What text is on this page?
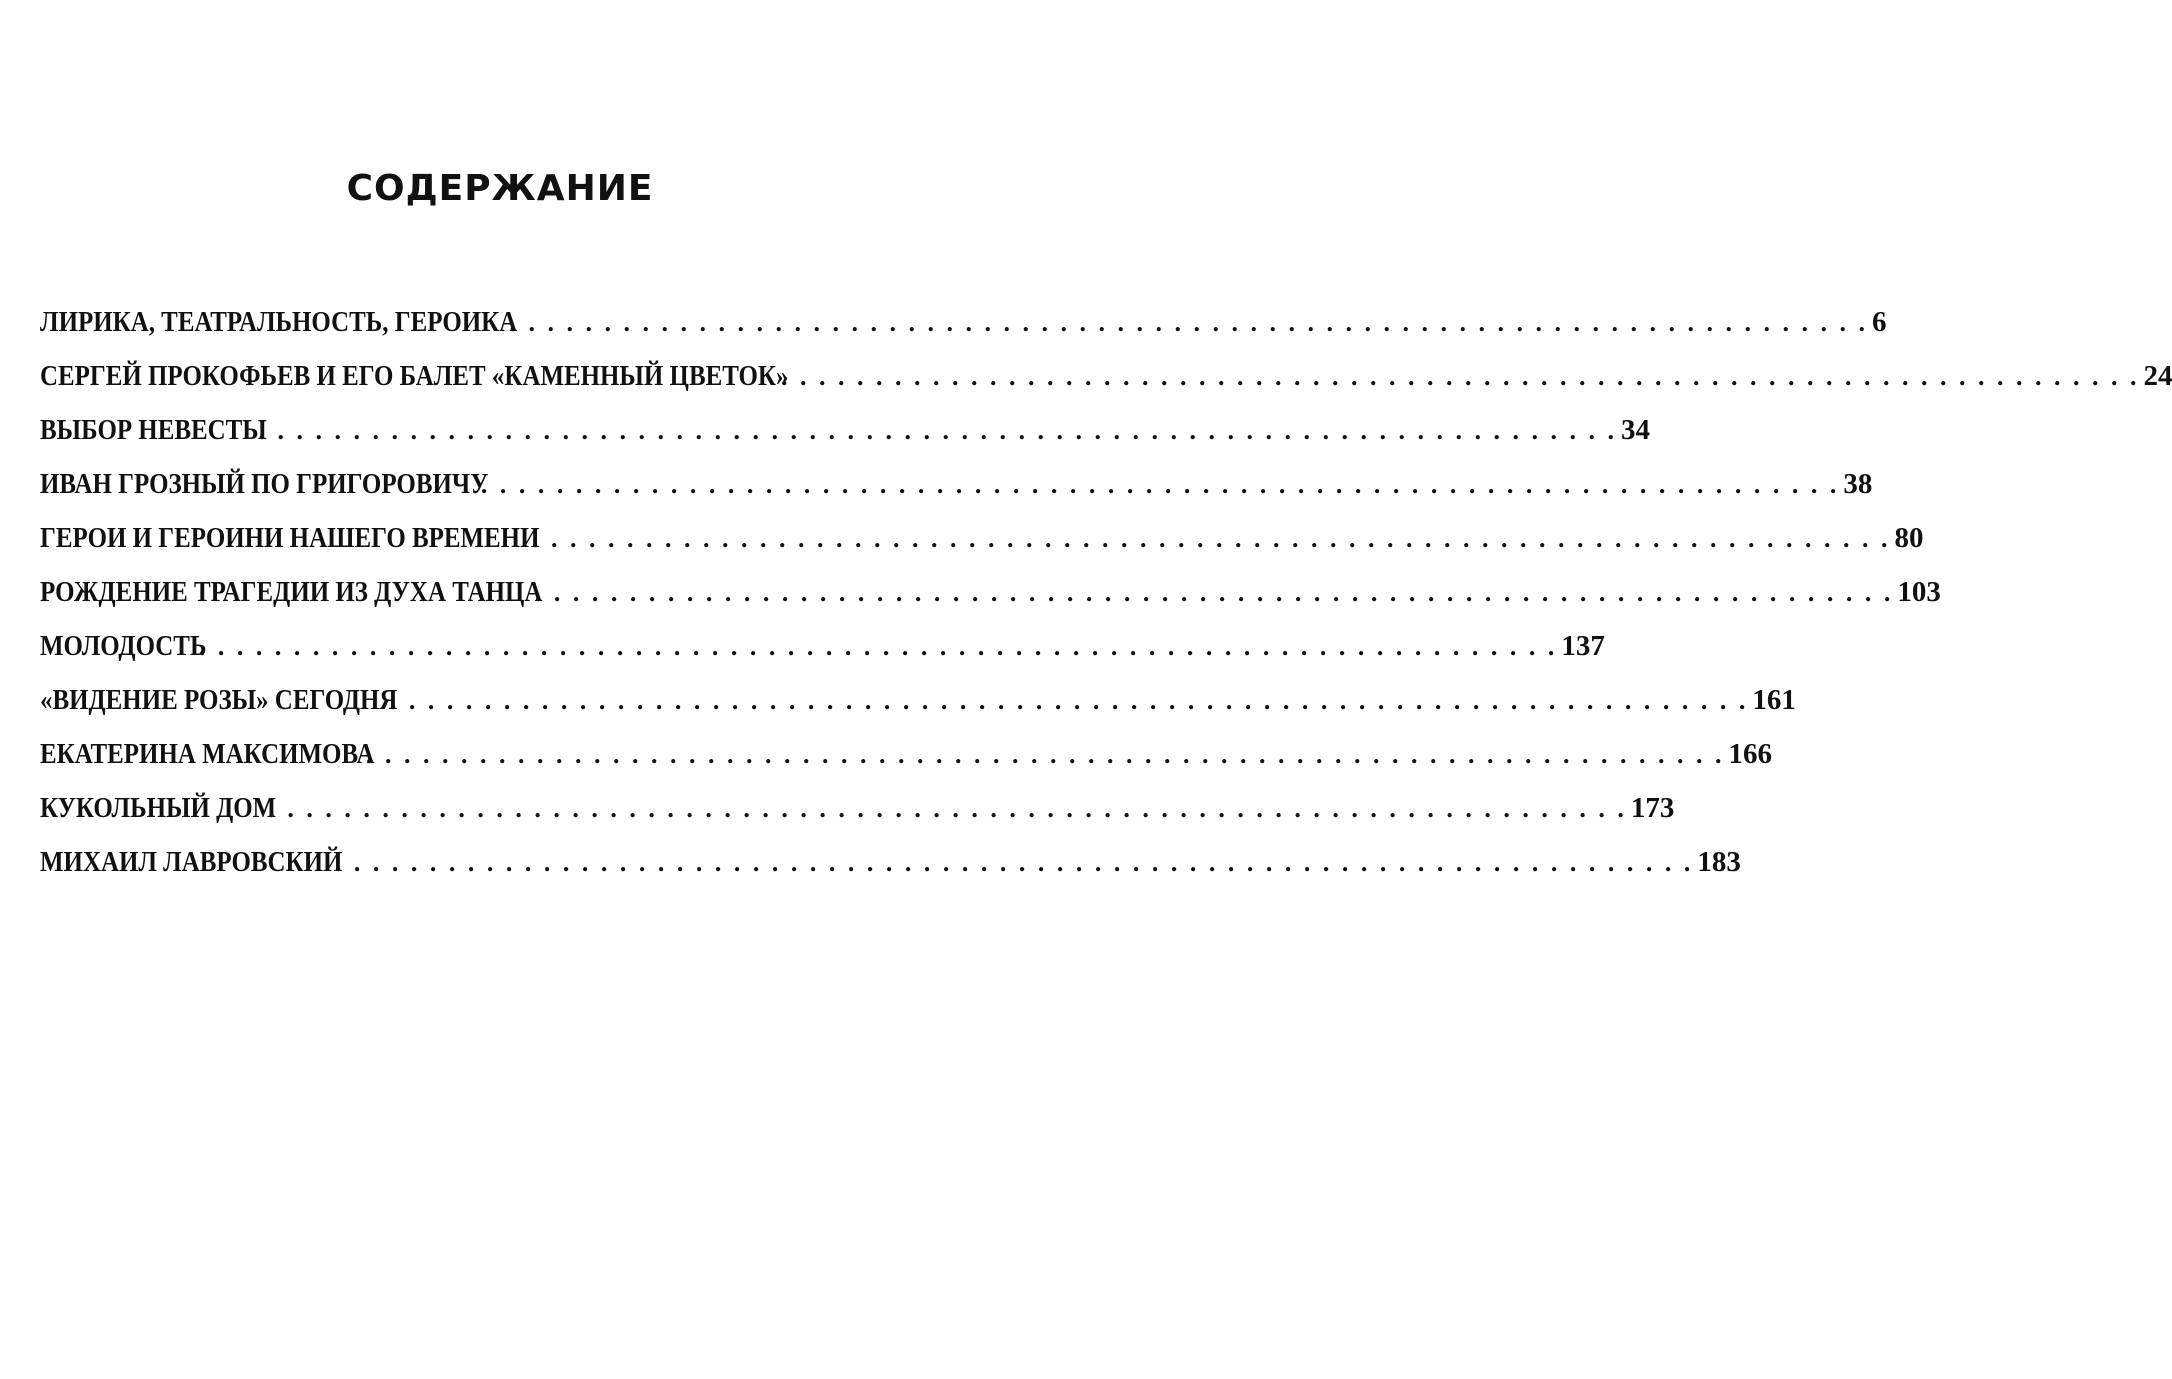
СОДЕРЖАНИЕ
ЛИРИКА, ТЕАТРАЛЬНОСТЬ, ГЕРОИКА
. . . . . . . . . . . . . . . . . . . . . . . . . . . . . . . . . . . . . . . . . . . . . . . . . . . . . . . . . . . . . . . . . . . . . . . . 6
СЕРГЕЙ ПРОКОФЬЕВ И ЕГО БАЛЕТ «КАМЕННЫЙ ЦВЕТОК»
. . . . . . . . . . . . . . . . . . . . . . . . . . . . . . . . . . . . . . . . . . . . . . . . . . . . . . . . . . . . . . . . . . . . . . . . 24
ВЫБОР НЕВЕСТЫ
. . . . . . . . . . . . . . . . . . . . . . . . . . . . . . . . . . . . . . . . . . . . . . . . . . . . . . . . . . . . . . . . . . . . . . . . 34
ИВАН ГРОЗНЫЙ ПО ГРИГОРОВИЧУ
. . . . . . . . . . . . . . . . . . . . . . . . . . . . . . . . . . . . . . . . . . . . . . . . . . . . . . . . . . . . . . . . . . . . . . . . 38
ГЕРОИ И ГЕРОИНИ НАШЕГО ВРЕМЕНИ
. . . . . . . . . . . . . . . . . . . . . . . . . . . . . . . . . . . . . . . . . . . . . . . . . . . . . . . . . . . . . . . . . . . . . . . . 80
РОЖДЕНИЕ ТРАГЕДИИ ИЗ ДУХА ТАНЦА
. . . . . . . . . . . . . . . . . . . . . . . . . . . . . . . . . . . . . . . . . . . . . . . . . . . . . . . . . . . . . . . . . . . . . . . . 103
МОЛОДОСТЬ
. . . . . . . . . . . . . . . . . . . . . . . . . . . . . . . . . . . . . . . . . . . . . . . . . . . . . . . . . . . . . . . . . . . . . . . . 137
«ВИДЕНИЕ РОЗЫ» СЕГОДНЯ
. . . . . . . . . . . . . . . . . . . . . . . . . . . . . . . . . . . . . . . . . . . . . . . . . . . . . . . . . . . . . . . . . . . . . . . . 161
ЕКАТЕРИНА МАКСИМОВА
. . . . . . . . . . . . . . . . . . . . . . . . . . . . . . . . . . . . . . . . . . . . . . . . . . . . . . . . . . . . . . . . . . . . . . . . 166
КУКОЛЬНЫЙ ДОМ
. . . . . . . . . . . . . . . . . . . . . . . . . . . . . . . . . . . . . . . . . . . . . . . . . . . . . . . . . . . . . . . . . . . . . . . . 173
МИХАИЛ ЛАВРОВСКИЙ
. . . . . . . . . . . . . . . . . . . . . . . . . . . . . . . . . . . . . . . . . . . . . . . . . . . . . . . . . . . . . . . . . . . . . . . . 183
